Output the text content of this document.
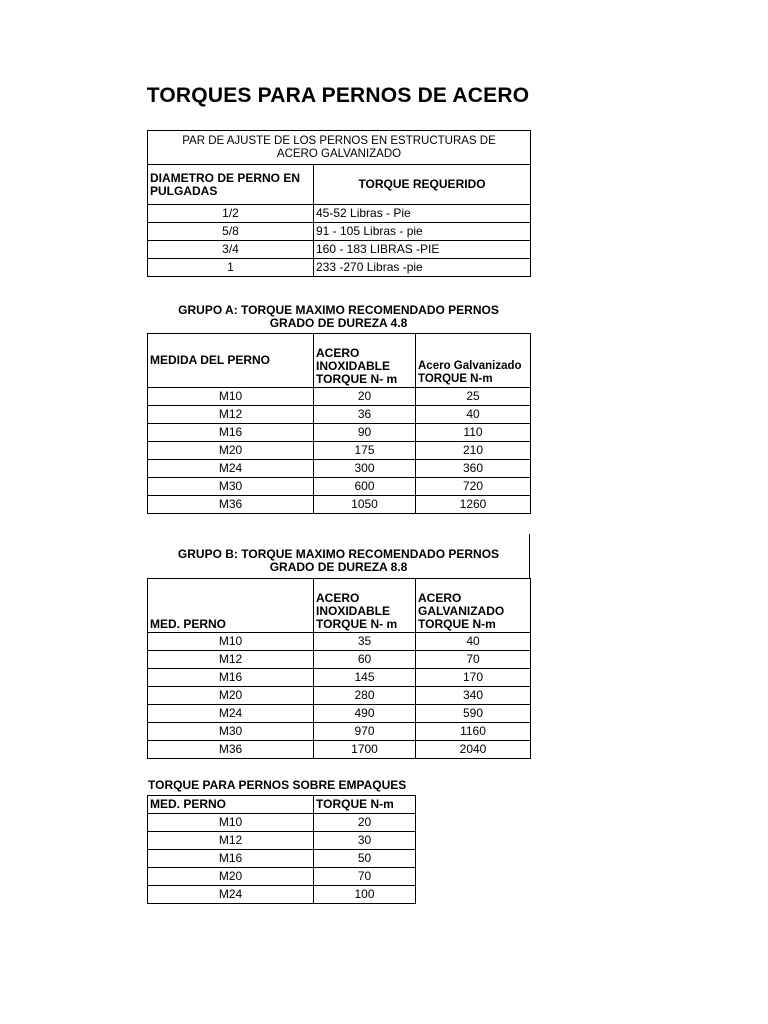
TORQUES PARA PERNOS DE ACERO
PAR DE AJUSTE DE LOS PERNOS EN ESTRUCTURAS DE ACERO GALVANIZADO	
DIAMETRO DE PERNO EN PULGADAS	TORQUE REQUERIDO
1/2	45-52 Libras - Pie
5/8	91 - 105 Libras - pie
3/4	160 - 183 LIBRAS -PIE
1	233 -270 Libras -pie
GRUPO A: TORQUE MAXIMO RECOMENDADO PERNOS GRADO DE DUREZA 4.8
MEDIDA DEL PERNO	ACERO INOXIDABLE TORQUE N- m	Acero Galvanizado TORQUE N-m
M10	20	25
M12	36	40
M16	90	110
M20	175	210
M24	300	360
M30	600	720
M36	1050	1260
GRUPO B: TORQUE MAXIMO RECOMENDADO PERNOS GRADO DE DUREZA 8.8
MED. PERNO	ACERO INOXIDABLE TORQUE N- m	ACERO GALVANIZADO TORQUE N-m
M10	35	40
M12	60	70
M16	145	170
M20	280	340
M24	490	590
M30	970	1160
M36	1700	2040
TORQUE PARA PERNOS SOBRE EMPAQUES
MED. PERNO	TORQUE N-m
M10	20
M12	30
M16	50
M20	70
M24	100
